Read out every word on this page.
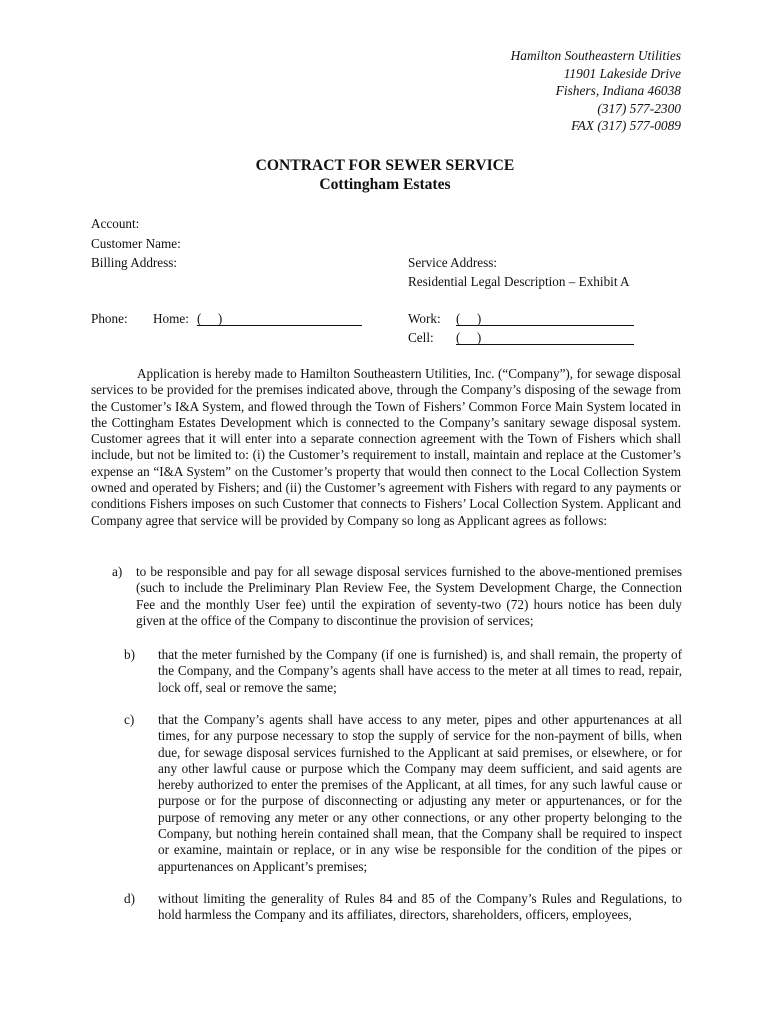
Hamilton Southeastern Utilities
11901 Lakeside Drive
Fishers, Indiana 46038
(317) 577-2300
FAX (317) 577-0089
CONTRACT FOR SEWER SERVICE
Cottingham Estates
Account:
Customer Name:
Billing Address:	Service Address:
Residential Legal Description – Exhibit A
Phone: Home: (     )	Work: (     )
Cell: (     )

Application is hereby made to Hamilton Southeastern Utilities, Inc. (“Company”), for sewage disposal services to be provided for the premises indicated above, through the Company’s disposing of the sewage from the Customer’s I&A System, and flowed through the Town of Fishers’ Common Force Main System located in the Cottingham Estates Development which is connected to the Company’s sanitary sewage disposal system. Customer agrees that it will enter into a separate connection agreement with the Town of Fishers which shall include, but not be limited to: (i) the Customer’s requirement to install, maintain and replace at the Customer’s expense an “I&A System” on the Customer’s property that would then connect to the Local Collection System owned and operated by Fishers; and (ii) the Customer’s agreement with Fishers with regard to any payments or conditions Fishers imposes on such Customer that connects to Fishers’ Local Collection System. Applicant and Company agree that service will be provided by Company so long as Applicant agrees as follows:

a) to be responsible and pay for all sewage disposal services furnished to the above-mentioned premises (such to include the Preliminary Plan Review Fee, the System Development Charge, the Connection Fee and the monthly User fee) until the expiration of seventy-two (72) hours notice has been duly given at the office of the Company to discontinue the provision of services;
b) that the meter furnished by the Company (if one is furnished) is, and shall remain, the property of the Company, and the Company’s agents shall have access to the meter at all times to read, repair, lock off, seal or remove the same;
c) that the Company’s agents shall have access to any meter, pipes and other appurtenances at all times, for any purpose necessary to stop the supply of service for the non-payment of bills, when due, for sewage disposal services furnished to the Applicant at said premises, or elsewhere, or for any other lawful cause or purpose which the Company may deem sufficient, and said agents are hereby authorized to enter the premises of the Applicant, at all times, for any such lawful cause or purpose or for the purpose of disconnecting or adjusting any meter or appurtenances, or for the purpose of removing any meter or any other connections, or any other property belonging to the Company, but nothing herein contained shall mean, that the Company shall be required to inspect or examine, maintain or replace, or in any wise be responsible for the condition of the pipes or appurtenances on Applicant’s premises;
d) without limiting the generality of Rules 84 and 85 of the Company’s Rules and Regulations, to hold harmless the Company and its affiliates, directors, shareholders, officers, employees,
